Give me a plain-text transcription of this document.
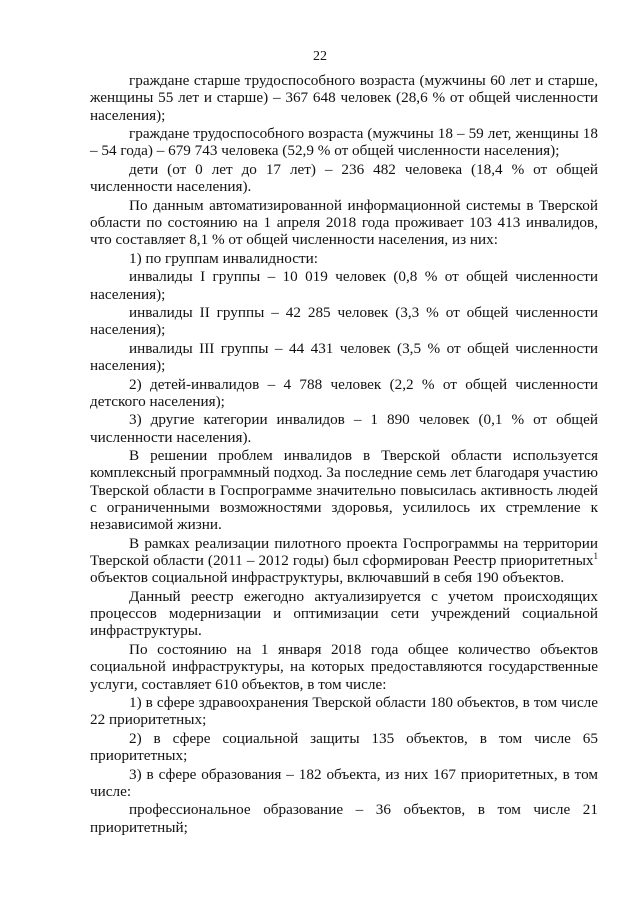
22

граждане старше трудоспособного возраста (мужчины 60 лет и старше, женщины 55 лет и старше) – 367 648 человек (28,6 % от общей численности населения);

граждане трудоспособного возраста (мужчины 18 – 59 лет, женщины 18 – 54 года) – 679 743 человека (52,9 % от общей численности населения);

дети (от 0 лет до 17 лет) – 236 482 человека (18,4 % от общей численности населения).

По данным автоматизированной информационной системы в Тверской области по состоянию на 1 апреля 2018 года проживает 103 413 инвалидов, что составляет 8,1 % от общей численности населения, из них:

1) по группам инвалидности:

инвалиды I группы – 10 019 человек (0,8 % от общей численности населения);

инвалиды II группы – 42 285 человек (3,3 % от общей численности населения);

инвалиды III группы – 44 431 человек (3,5 % от общей численности населения);

2) детей-инвалидов – 4 788 человек (2,2 % от общей численности детского населения);

3) другие категории инвалидов – 1 890 человек (0,1 % от общей численности населения).

В решении проблем инвалидов в Тверской области используется комплексный программный подход. За последние семь лет благодаря участию Тверской области в Госпрограмме значительно повысилась активность людей с ограниченными возможностями здоровья, усилилось их стремление к независимой жизни.

В рамках реализации пилотного проекта Госпрограммы на территории Тверской области (2011 – 2012 годы) был сформирован Реестр приоритетных$^1$ объектов социальной инфраструктуры, включавший в себя 190 объектов.

Данный реестр ежегодно актуализируется с учетом происходящих процессов модернизации и оптимизации сети учреждений социальной инфраструктуры.

По состоянию на 1 января 2018 года общее количество объектов социальной инфраструктуры, на которых предоставляются государственные услуги, составляет 610 объектов, в том числе:

1) в сфере здравоохранения Тверской области 180 объектов, в том числе 22 приоритетных;

2) в сфере социальной защиты 135 объектов, в том числе 65 приоритетных;

3) в сфере образования – 182 объекта, из них 167 приоритетных, в том числе:

профессиональное образование – 36 объектов, в том числе 21 приоритетный;
